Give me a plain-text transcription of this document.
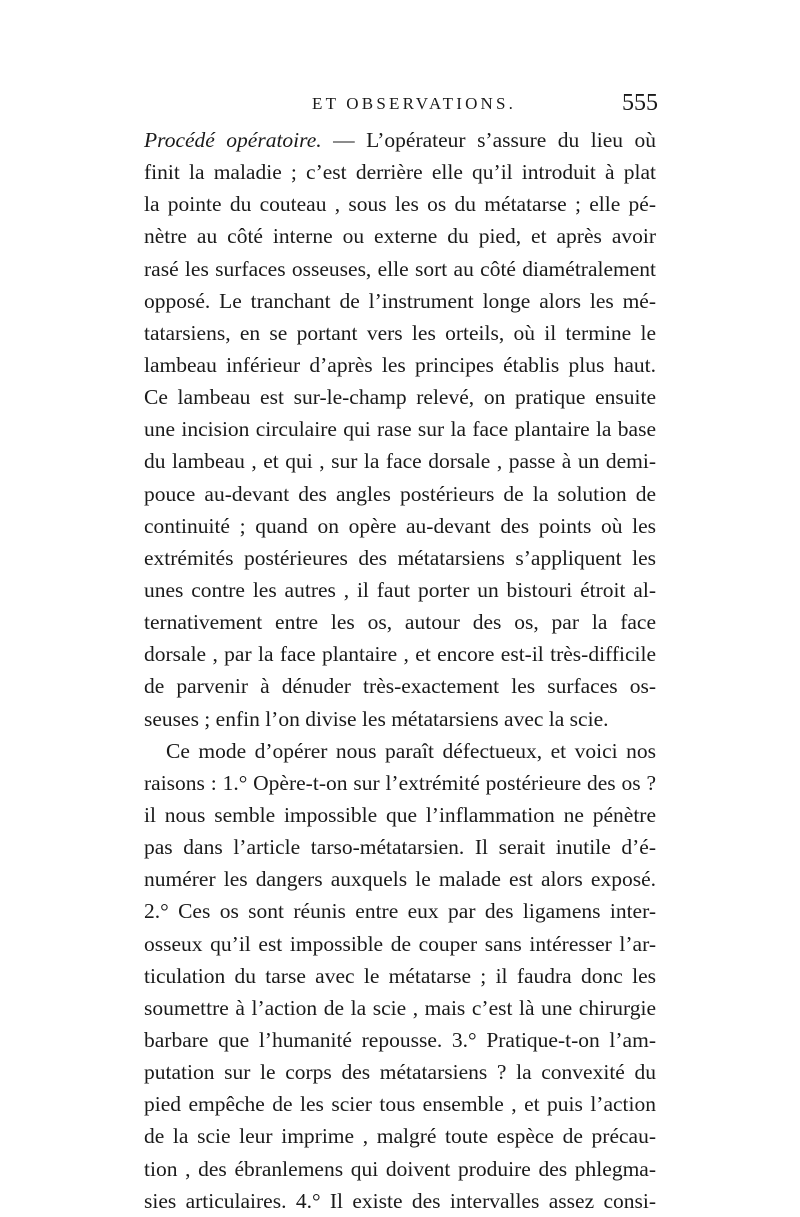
ET OBSERVATIONS.	555
Procédé opératoire. — L’opérateur s’assure du lieu où
finit la maladie ; c’est derrière elle qu’il introduit à plat
la pointe du couteau , sous les os du métatarse ; elle pé-
nètre au côté interne ou externe du pied, et après avoir
rasé les surfaces osseuses, elle sort au côté diamétralement
opposé. Le tranchant de l’instrument longe alors les mé-
tatarsiens, en se portant vers les orteils, où il termine le
lambeau inférieur d’après les principes établis plus haut.
Ce lambeau est sur-le-champ relevé, on pratique ensuite
une incision circulaire qui rase sur la face plantaire la base
du lambeau , et qui , sur la face dorsale , passe à un demi-
pouce au-devant des angles postérieurs de la solution de
continuité ; quand on opère au-devant des points où les
extrémités postérieures des métatarsiens s’appliquent les
unes contre les autres , il faut porter un bistouri étroit al-
ternativement entre les os, autour des os, par la face
dorsale , par la face plantaire , et encore est-il très-difficile
de parvenir à dénuder très-exactement les surfaces os-
seuses ; enfin l’on divise les métatarsiens avec la scie.
Ce mode d’opérer nous paraît défectueux, et voici nos
raisons : 1.° Opère-t-on sur l’extrémité postérieure des os ?
il nous semble impossible que l’inflammation ne pénètre
pas dans l’article tarso-métatarsien. Il serait inutile d’é-
numérer les dangers auxquels le malade est alors exposé.
2.° Ces os sont réunis entre eux par des ligamens inter-
osseux qu’il est impossible de couper sans intéresser l’ar-
ticulation du tarse avec le métatarse ; il faudra donc les
soumettre à l’action de la scie , mais c’est là une chirurgie
barbare que l’humanité repousse. 3.° Pratique-t-on l’am-
putation sur le corps des métatarsiens ? la convexité du
pied empêche de les scier tous ensemble , et puis l’action
de la scie leur imprime , malgré toute espèce de précau-
tion , des ébranlemens qui doivent produire des phlegma-
sies articulaires. 4.° Il existe des intervalles assez consi-
